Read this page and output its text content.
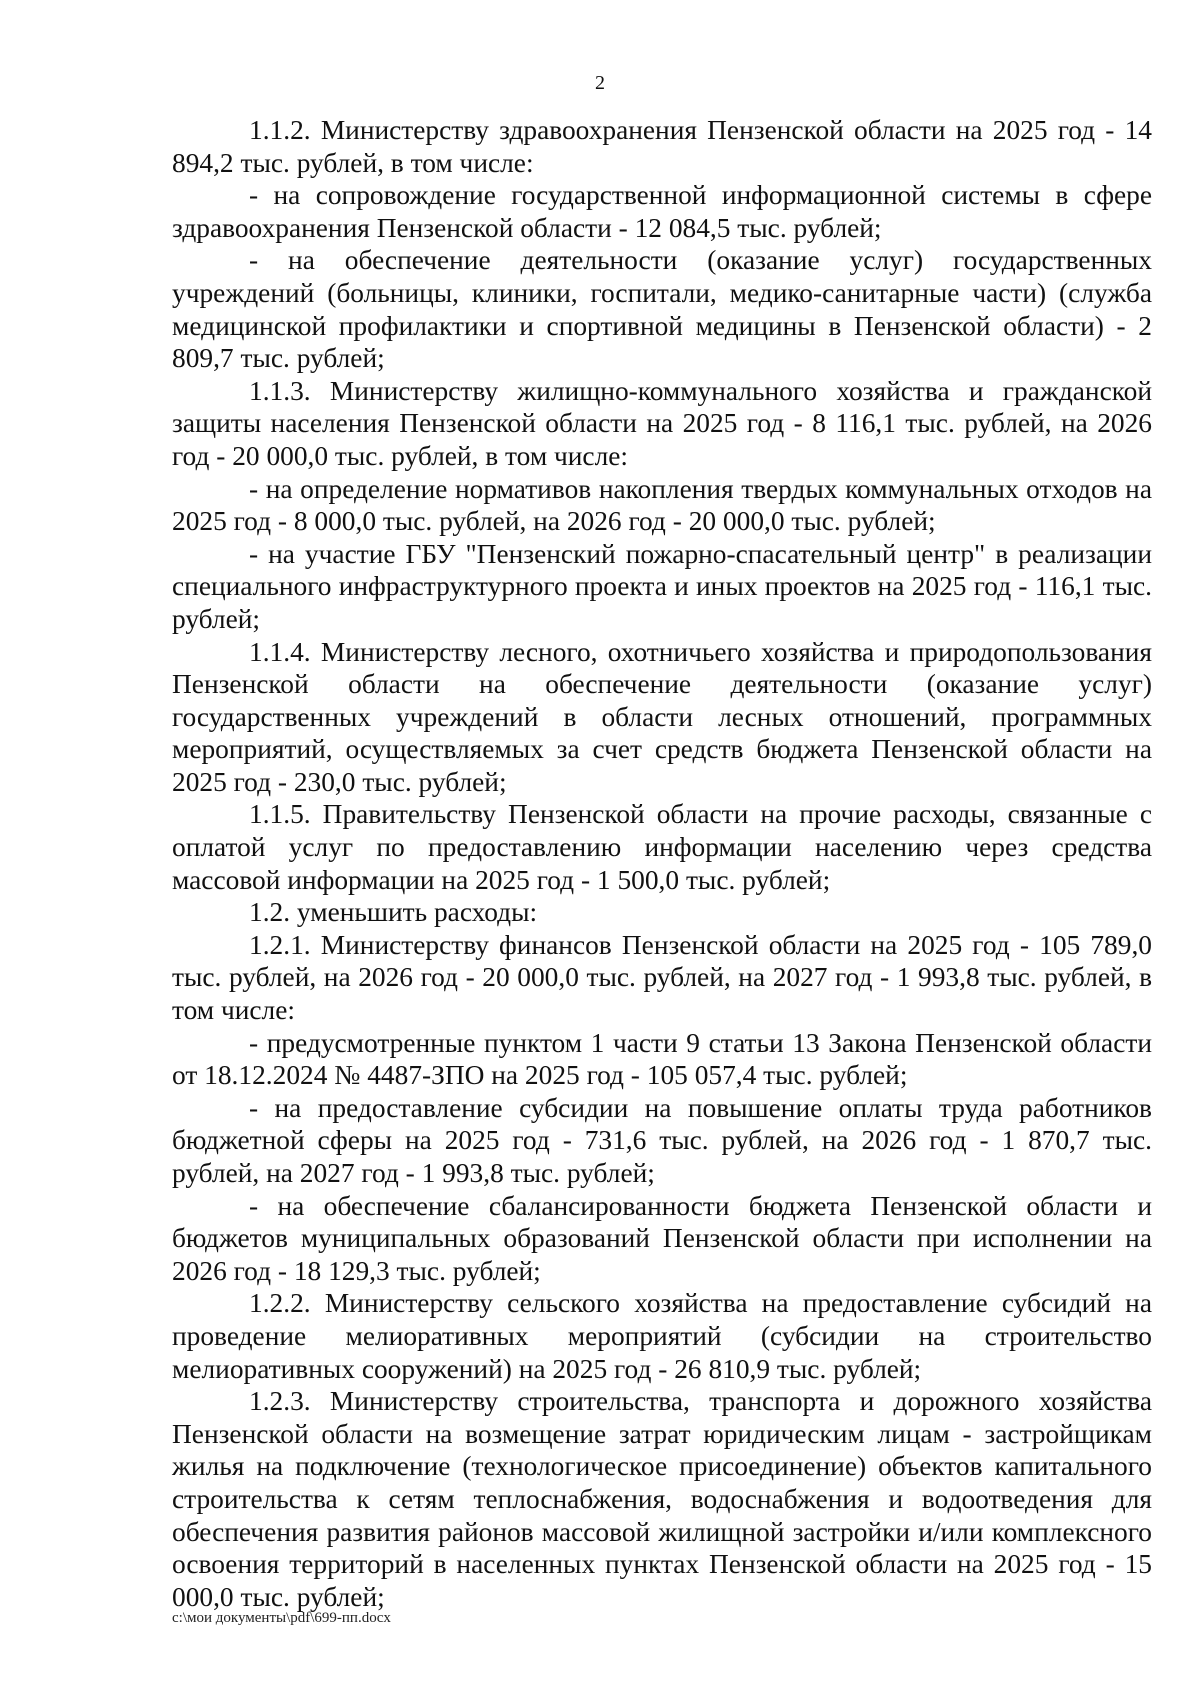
2

1.1.2. Министерству здравоохранения Пензенской области на 2025 год - 14 894,2 тыс. рублей, в том числе:

- на сопровождение государственной информационной системы в сфере здравоохранения Пензенской области - 12 084,5 тыс. рублей;

- на обеспечение деятельности (оказание услуг) государственных учреждений (больницы, клиники, госпитали, медико-санитарные части) (служба медицинской профилактики и спортивной медицины в Пензенской области) - 2 809,7 тыс. рублей;

1.1.3. Министерству жилищно-коммунального хозяйства и гражданской защиты населения Пензенской области на 2025 год - 8 116,1 тыс. рублей, на 2026 год - 20 000,0 тыс. рублей, в том числе:

- на определение нормативов накопления твердых коммунальных отходов на 2025 год - 8 000,0 тыс. рублей, на 2026 год - 20 000,0 тыс. рублей;

- на участие ГБУ "Пензенский пожарно-спасательный центр" в реализации специального инфраструктурного проекта и иных проектов на 2025 год - 116,1 тыс. рублей;

1.1.4. Министерству лесного, охотничьего хозяйства и природопользования Пензенской области на обеспечение деятельности (оказание услуг) государственных учреждений в области лесных отношений, программных мероприятий, осуществляемых за счет средств бюджета Пензенской области на 2025 год - 230,0 тыс. рублей;

1.1.5. Правительству Пензенской области на прочие расходы, связанные с оплатой услуг по предоставлению информации населению через средства массовой информации на 2025 год - 1 500,0 тыс. рублей;

1.2. уменьшить расходы:

1.2.1. Министерству финансов Пензенской области на 2025 год - 105 789,0 тыс. рублей, на 2026 год - 20 000,0 тыс. рублей, на 2027 год - 1 993,8 тыс. рублей, в том числе:

- предусмотренные пунктом 1 части 9 статьи 13 Закона Пензенской области от 18.12.2024 № 4487-ЗПО на 2025 год - 105 057,4 тыс. рублей;

- на предоставление субсидии на повышение оплаты труда работников бюджетной сферы на 2025 год - 731,6 тыс. рублей, на 2026 год - 1 870,7 тыс. рублей, на 2027 год - 1 993,8 тыс. рублей;

- на обеспечение сбалансированности бюджета Пензенской области и бюджетов муниципальных образований Пензенской области при исполнении на 2026 год - 18 129,3 тыс. рублей;

1.2.2. Министерству сельского хозяйства на предоставление субсидий на проведение мелиоративных мероприятий (субсидии на строительство мелиоративных сооружений) на 2025 год - 26 810,9 тыс. рублей;

1.2.3. Министерству строительства, транспорта и дорожного хозяйства Пензенской области на возмещение затрат юридическим лицам - застройщикам жилья на подключение (технологическое присоединение) объектов капитального строительства к сетям теплоснабжения, водоснабжения и водоотведения для обеспечения развития районов массовой жилищной застройки и/или комплексного освоения территорий в населенных пунктах Пензенской области на 2025 год - 15 000,0 тыс. рублей;

c:\мои документы\pdf\699-пп.docx
